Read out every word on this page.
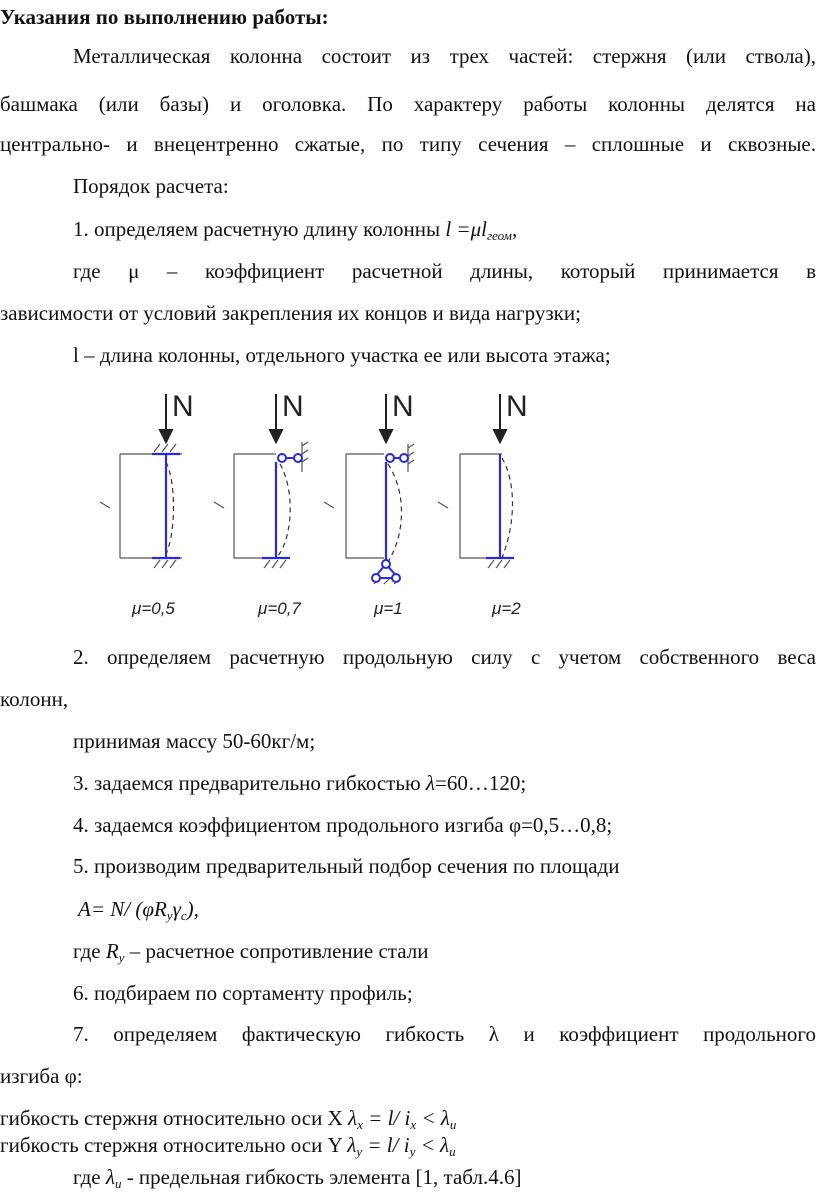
Указания по выполнению работы:
Металлическая колонна состоит из трех частей: стержня (или ствола),
башмака (или базы) и оголовка. По характеру работы колонны делятся на
центрально- и внецентренно сжатые, по типу сечения – сплошные и сквозные.
Порядок расчета:
1. определяем расчетную длину колонны $l =\mu l_{геом}$,
где μ – коэффициент расчетной длины, который принимается в
зависимости от условий закрепления их концов и вида нагрузки;
l – длина колонны, отдельного участка ее или высота этажа;
N	N	N	N
μ=0,5	μ=0,7	μ=1	μ=2
2. определяем расчетную продольную силу с учетом собственного веса
колонн,
принимая массу 50-60кг/м;
3. задаемся предварительно гибкостью λ=60…120;
4. задаемся коэффициентом продольного изгиба φ=0,5…0,8;
5. производим предварительный подбор сечения по площади
A= N/ $(\varphi R_y\gamma_c)$,
где $R_y$ – расчетное сопротивление стали
6. подбираем по сортаменту профиль;
7. определяем фактическую гибкость λ и коэффициент продольного
изгиба φ:
гибкость стержня относительно оси X $\lambda_x = l/$ $i_x < \lambda_u$
гибкость стержня относительно оси Y $\lambda_y = l/$ $i_y < \lambda_u$
где $\lambda_u$ - предельная гибкость элемента [1, табл.4.6]
